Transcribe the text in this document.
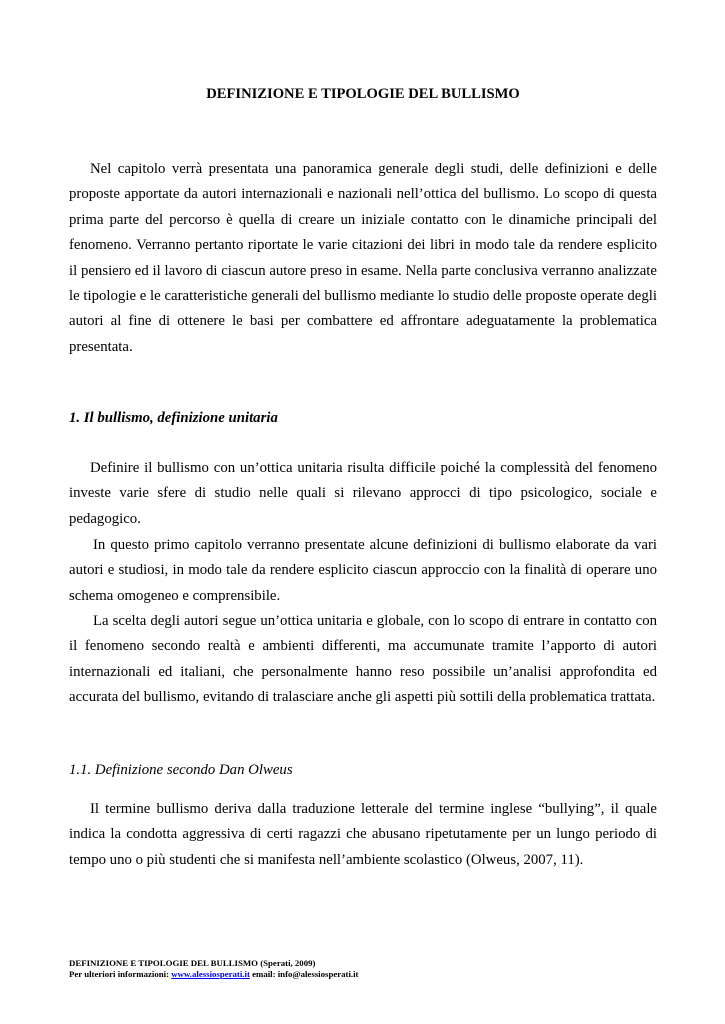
DEFINIZIONE E TIPOLOGIE DEL BULLISMO

Nel capitolo verrà presentata una panoramica generale degli studi, delle definizioni e delle proposte apportate da autori internazionali e nazionali nell’ottica del bullismo. Lo scopo di questa prima parte del percorso è quella di creare un iniziale contatto con le dinamiche principali del fenomeno. Verranno pertanto riportate le varie citazioni dei libri in modo tale da rendere esplicito il pensiero ed il lavoro di ciascun autore preso in esame. Nella parte conclusiva verranno analizzate le tipologie e le caratteristiche generali del bullismo mediante lo studio delle proposte operate degli autori al fine di ottenere le basi per combattere ed affrontare adeguatamente la problematica presentata.

1. Il bullismo, definizione unitaria

Definire il bullismo con un’ottica unitaria risulta difficile poiché la complessità del fenomeno investe varie sfere di studio nelle quali si rilevano approcci di tipo psicologico, sociale e pedagogico.

In questo primo capitolo verranno presentate alcune definizioni di bullismo elaborate da vari autori e studiosi, in modo tale da rendere esplicito ciascun approccio con la finalità di operare uno schema omogeneo e comprensibile.

La scelta degli autori segue un’ottica unitaria e globale, con lo scopo di entrare in contatto con il fenomeno secondo realtà e ambienti differenti, ma accumunate tramite l’apporto di autori internazionali ed italiani, che personalmente hanno reso possibile un’analisi approfondita ed accurata del bullismo, evitando di tralasciare anche gli aspetti più sottili della problematica trattata.

1.1. Definizione secondo Dan Olweus

Il termine bullismo deriva dalla traduzione letterale del termine inglese “bullying”, il quale indica la condotta aggressiva di certi ragazzi che abusano ripetutamente per un lungo periodo di tempo uno o più studenti che si manifesta nell’ambiente scolastico (Olweus, 2007, 11).

DEFINIZIONE E TIPOLOGIE DEL BULLISMO (Sperati, 2009)
Per ulteriori informazioni: www.alessiosperati.it email: info@alessiosperati.it
